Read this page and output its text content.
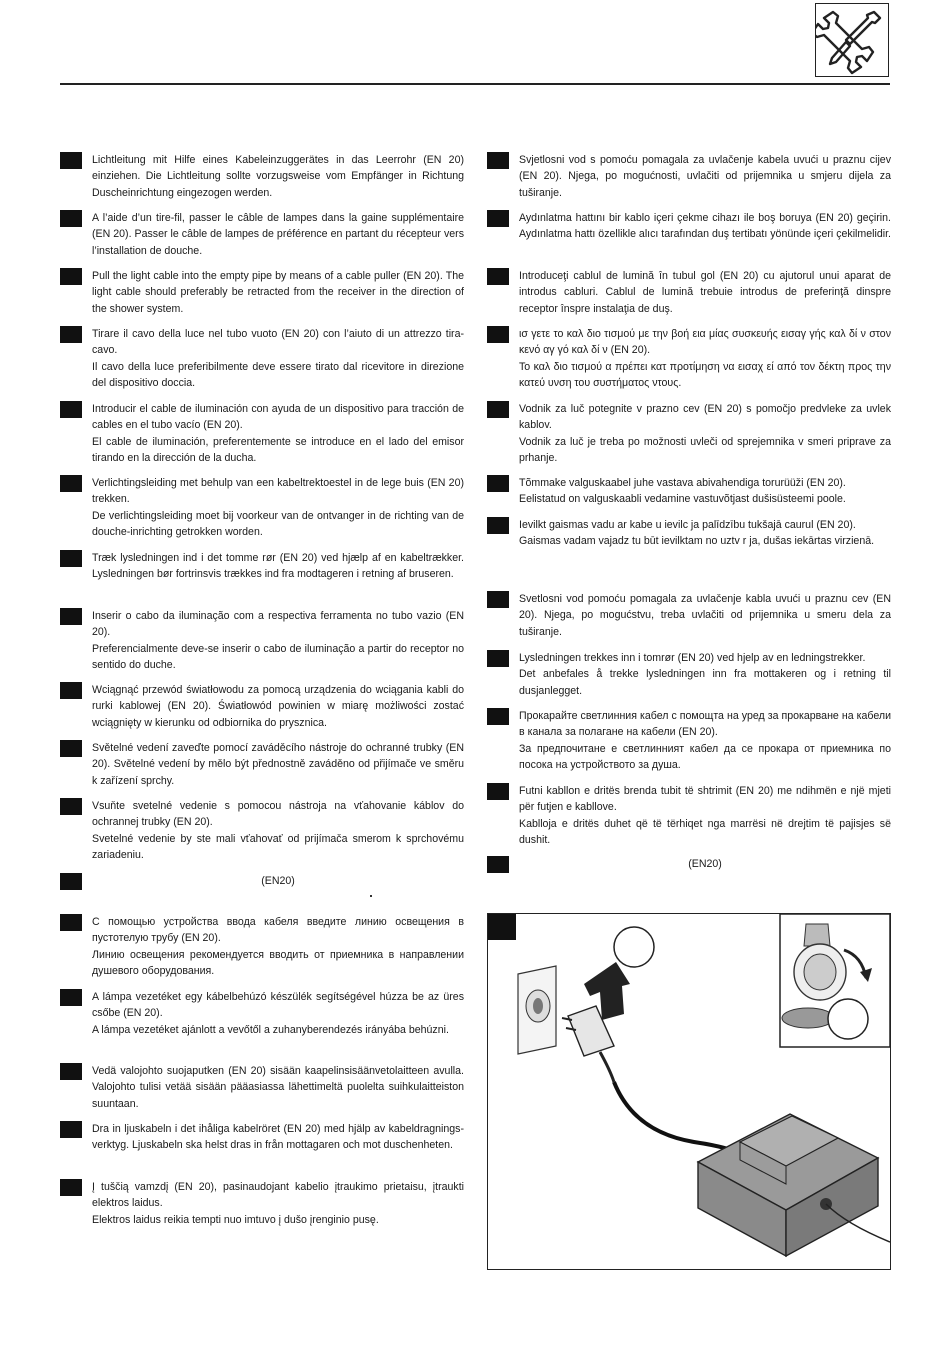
Lichtleitung mit Hilfe eines Kabeleinzuggerätes in das Leerrohr (EN 20) einziehen. Die Lichtleitung sollte vorzugsweise vom Empfänger in Richtung Duscheinrichtung eingezogen werden.

A l’aide d’un tire-fil, passer le câble de lampes dans la gaine supplémentaire (EN 20). Passer le câble de lampes de préférence en partant du récepteur vers l’installation de douche.

Pull the light cable into the empty pipe by means of a cable puller (EN 20). The light cable should preferably be retracted from the receiver in the direction of the shower system.

Tirare il cavo della luce nel tubo vuoto (EN 20) con l’aiuto di un attrezzo tira-cavo.

Il cavo della luce preferibilmente deve essere tirato dal ricevitore in direzione del dispositivo doccia.

Introducir el cable de iluminación con ayuda de un dispositivo para tracción de cables en el tubo vacío (EN 20).

El cable de iluminación, preferentemente se introduce en el lado del emisor tirando en la dirección de la ducha.

Verlichtingsleiding met behulp van een kabeltrektoestel in de lege buis (EN 20) trekken.

De verlichtingsleiding moet bij voorkeur van de ontvanger in de richting van de douche-inrichting getrokken worden.

Træk lysledningen ind i det tomme rør (EN 20) ved hjælp af en kabeltrækker. Lysledningen bør fortrinsvis trækkes ind fra modtageren i retning af bruseren.

Inserir o cabo da iluminação com a respectiva ferramenta no tubo vazio (EN 20).

Preferencialmente deve-se inserir o cabo de iluminação a partir do receptor no sentido do duche.

Wciągnąć przewód światłowodu za pomocą urządzenia do wciągania kabli do rurki kablowej (EN 20). Światłowód powinien w miarę możliwości zostać wciągnięty w kierunku od odbiornika do prysznica.

Světelné vedení zaveďte pomocí zaváděcího nástroje do ochranné trubky (EN 20). Světelné vedení by mělo být přednostně zaváděno od přijímače ve směru k zařízení sprchy.

Vsuňte svetelné vedenie s pomocou nástroja na vťahovanie káblov do ochrannej trubky (EN 20).

Svetelné vedenie by ste mali vťahovať od prijímača smerom k sprchovému zariadeniu.

(EN20)

С помощью устройства ввода кабеля введите линию освещения в пустотелую трубу (EN 20).

Линию освещения рекомендуется вводить от приемника в направлении душевого оборудования.

A lámpa vezetéket egy kábelbehúzó készülék segítségével húzza be az üres csőbe (EN 20).

A lámpa vezetéket ajánlott a vevőtől a zuhanyberendezés irányába behúzni.

Vedä valojohto suojaputken (EN 20) sisään kaapelinsisäänvetolaitteen avulla. Valojohto tulisi vetää sisään pääasiassa lähettimeltä puolelta suihkulaitteiston suuntaan.

Dra in ljuskabeln i det ihåliga kabelröret (EN 20) med hjälp av kabeldragnings-verktyg. Ljuskabeln ska helst dras in från mottagaren och mot duschenheten.

Į tuščią vamzdį (EN 20), pasinaudojant kabelio įtraukimo prietaisu, įtraukti elektros laidus.

Elektros laidus reikia tempti nuo imtuvo į dušo įrenginio pusę.

Svjetlosni vod s pomoću pomagala za uvlačenje kabela uvući u praznu cijev (EN 20). Njega, po mogućnosti, uvlačiti od prijemnika u smjeru dijela za tuširanje.

Aydınlatma hattını bir kablo içeri çekme cihazı ile boş boruya (EN 20) geçirin. Aydınlatma hattı özellikle alıcı tarafından duş tertibatı yönünde içeri çekilmelidir.

Introduceţi cablul de lumină în tubul gol (EN 20) cu ajutorul unui aparat de introdus cabluri. Cablul de lumină trebuie introdus de preferinţă dinspre receptor înspre instalaţia de duş.

ισ γετε το καλ διο τισμού με την βοή εια μίας συσκευής εισαγ γής καλ δί ν στον κενό αγ γό καλ δί ν (EN 20).

Το καλ διο τισμού α πρέπει κατ προτίμηση να εισαχ εί από τον δέκτη προς την κατεύ υνση του συστήματος ντους.

Vodnik za luč potegnite v prazno cev (EN 20) s pomočjo predvleke za uvlek kablov.

Vodnik za luč je treba po možnosti uvleči od sprejemnika v smeri priprave za prhanje.

Tõmmake valguskaabel juhe vastava abivahendiga torurüüži (EN 20).

Eelistatud on valguskaabli vedamine vastuvõtjast dušisüsteemi poole.

Ievilkt gaismas vadu ar kabe u ievilc ja palīdzību tukšajā caurul (EN 20).

Gaismas vadam vajadz tu būt ievilktam no uztv r ja, dušas iekārtas virzienā.

Svetlosni vod pomoću pomagala za uvlačenje kabla uvući u praznu cev (EN 20). Njega, po mogućstvu, treba uvlačiti od prijemnika u smeru dela za tuširanje.

Lysledningen trekkes inn i tomrør (EN 20) ved hjelp av en ledningstrekker.

Det anbefales å trekke lysledningen inn fra mottakeren og i retning til dusjanlegget.

Прокарайте светлинния кабел с помощта на уред за прокарване на кабели в канала за полагане на кабели (EN 20).

За предпочитане е светлинният кабел да се прокара от приемника по посока на устройството за душа.

Futni kabllon e dritës brenda tubit të shtrimit (EN 20) me ndihmën e një mjeti për futjen e kabllove.

Kablloja e dritës duhet që të tërhiqet nga marrësi në drejtim të pajisjes së dushit.

(EN20)
